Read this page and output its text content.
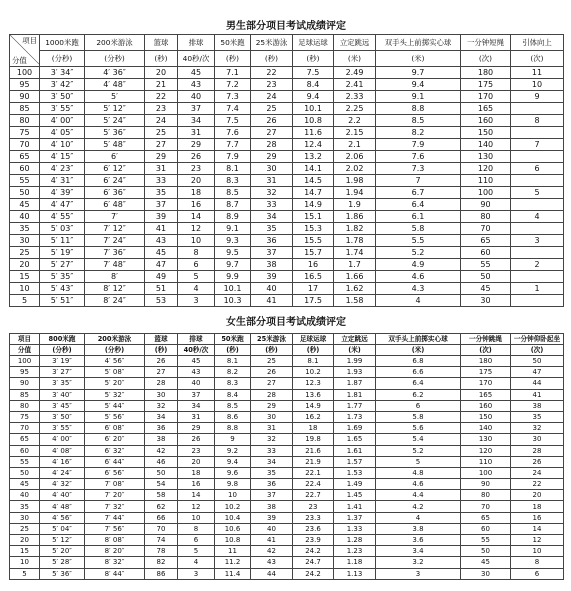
男生部分项目考试成绩评定
项目
分值	1000米跑	200米游泳	篮球	排球	50米跑	25米游泳	足球运球	立定跳远	双手头上前掷实心球	一分钟短绳	引体向上
	(分秒)	(分秒)	(秒)	40秒/次	(秒)	(秒)	(秒)	(米)	(米)	(次)	(次)
100	3′ 34″	4′ 36″	20	45	7.1	22	7.5	2.49	9.7	180	11
95	3′ 42″	4′ 48″	21	43	7.2	23	8.4	2.41	9.4	175	10
90	3′ 50″	5′	22	40	7.3	24	9.4	2.33	9.1	170	9
85	3′ 55″	5′ 12″	23	37	7.4	25	10.1	2.25	8.8	165	
80	4′ 00″	5′ 24″	24	34	7.5	26	10.8	2.2	8.5	160	8
75	4′ 05″	5′ 36″	25	31	7.6	27	11.6	2.15	8.2	150	
70	4′ 10″	5′ 48″	27	29	7.7	28	12.4	2.1	7.9	140	7
65	4′ 15″	6′	29	26	7.9	29	13.2	2.06	7.6	130	
60	4′ 23″	6′ 12″	31	23	8.1	30	14.1	2.02	7.3	120	6
55	4′ 31″	6′ 24″	33	20	8.3	31	14.5	1.98	7	110	
50	4′ 39″	6′ 36″	35	18	8.5	32	14.7	1.94	6.7	100	5
45	4′ 47″	6′ 48″	37	16	8.7	33	14.9	1.9	6.4	90	
40	4′ 55″	7′	39	14	8.9	34	15.1	1.86	6.1	80	4
35	5′ 03″	7′ 12″	41	12	9.1	35	15.3	1.82	5.8	70	
30	5′ 11″	7′ 24″	43	10	9.3	36	15.5	1.78	5.5	65	3
25	5′ 19″	7′ 36″	45	8	9.5	37	15.7	1.74	5.2	60	
20	5′ 27″	7′ 48″	47	6	9.7	38	16	1.7	4.9	55	2
15	5′ 35″	8′	49	5	9.9	39	16.5	1.66	4.6	50	
10	5′ 43″	8′ 12″	51	4	10.1	40	17	1.62	4.3	45	1
5	5′ 51″	8′ 24″	53	3	10.3	41	17.5	1.58	4	30	
女生部分项目考试成绩评定
项目	800米跑	200米游泳	篮球	排球	50米跑	25米游泳	足球运球	立定跳远	双手头上前掷实心球	一分钟跳绳	一分钟仰卧起坐
分值	(分秒)	(分秒)	(秒)	40秒/次	(秒)	(秒)	(秒)	(米)	(米)	(次)	(次)
100	3′ 19″	4′ 56″	26	45	8.1	25	8.1	1.99	6.8	180	50
95	3′ 27″	5′ 08″	27	43	8.2	26	10.2	1.93	6.6	175	47
90	3′ 35″	5′ 20″	28	40	8.3	27	12.3	1.87	6.4	170	44
85	3′ 40″	5′ 32″	30	37	8.4	28	13.6	1.81	6.2	165	41
80	3′ 45″	5′ 44″	32	34	8.5	29	14.9	1.77	6	160	38
75	3′ 50″	5′ 56″	34	31	8.6	30	16.2	1.73	5.8	150	35
70	3′ 55″	6′ 08″	36	29	8.8	31	18	1.69	5.6	140	32
65	4′ 00″	6′ 20″	38	26	9	32	19.8	1.65	5.4	130	30
60	4′ 08″	6′ 32″	42	23	9.2	33	21.6	1.61	5.2	120	28
55	4′ 16″	6′ 44″	46	20	9.4	34	21.9	1.57	5	110	26
50	4′ 24″	6′ 56″	50	18	9.6	35	22.1	1.53	4.8	100	24
45	4′ 32″	7′ 08″	54	16	9.8	36	22.4	1.49	4.6	90	22
40	4′ 40″	7′ 20″	58	14	10	37	22.7	1.45	4.4	80	20
35	4′ 48″	7′ 32″	62	12	10.2	38	23	1.41	4.2	70	18
30	4′ 56″	7′ 44″	66	10	10.4	39	23.3	1.37	4	65	16
25	5′ 04″	7′ 56″	70	8	10.6	40	23.6	1.33	3.8	60	14
20	5′ 12″	8′ 08″	74	6	10.8	41	23.9	1.28	3.6	55	12
15	5′ 20″	8′ 20″	78	5	11	42	24.2	1.23	3.4	50	10
10	5′ 28″	8′ 32″	82	4	11.2	43	24.7	1.18	3.2	45	8
5	5′ 36″	8′ 44″	86	3	11.4	44	24.2	1.13	3	30	6
